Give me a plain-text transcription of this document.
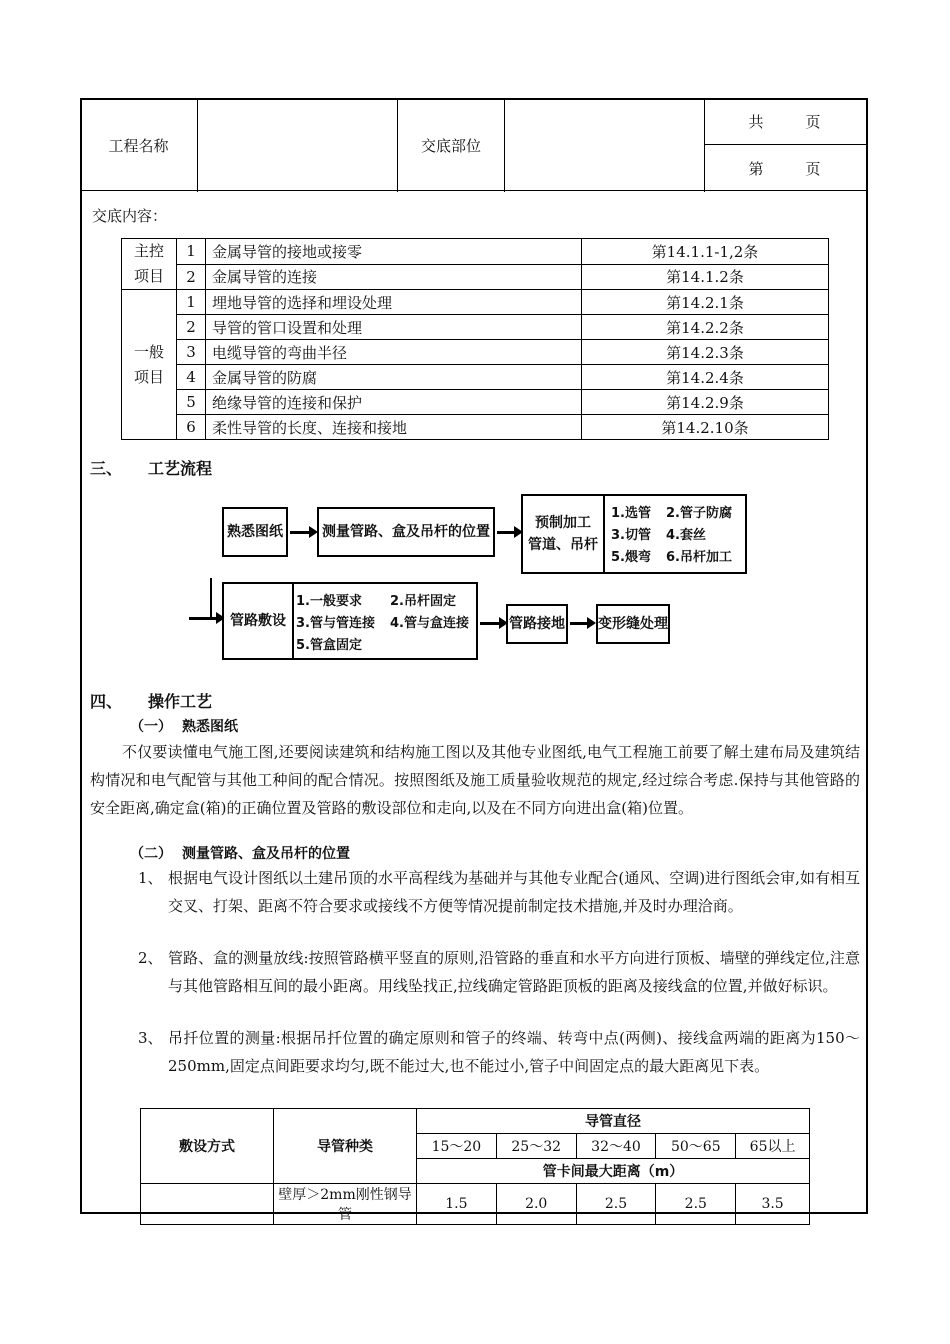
工程名称	交底部位
共	页
第	页
交底内容：
主控
项目	1	金属导管的接地或接零	第14.1.1-1,2条
	2	金属导管的连接	第14.1.2条

一般
项目	1	埋地导管的选择和埋设处理	第14.2.1条
	2	导管的管口设置和处理	第14.2.2条
	3	电缆导管的弯曲半径	第14.2.3条
	4	金属导管的防腐	第14.2.4条
	5	绝缘导管的连接和保护	第14.2.9条
	6	柔性导管的长度、连接和接地	第14.2.10条
三、 工艺流程
熟悉图纸	测量管路、盒及吊杆的位置
预制加工
管道、吊杆
1.选管 2.管子防腐
3.切管 4.套丝
5.煨弯 6.吊杆加工
管路敷设
1.一般要求 2.吊杆固定
3.管与管连接 4.管与盒连接
5.管盒固定
管路接地 变形缝处理
四、 操作工艺
（一） 熟悉图纸
不仅要读懂电气施工图,还要阅读建筑和结构施工图以及其他专业图纸,电气工程施工前要了解土建布局及建筑结构情况和电气配管与其他工种间的配合情况。按照图纸及施工质量验收规范的规定,经过综合考虑.保持与其他管路的安全距离,确定盒(箱)的正确位置及管路的敷设部位和走向,以及在不同方向进出盒(箱)位置。
（二） 测量管路、盒及吊杆的位置
1、 根据电气设计图纸以土建吊顶的水平高程线为基础并与其他专业配合(通风、空调)进行图纸会审,如有相互交叉、打架、距离不符合要求或接线不方便等情况提前制定技术措施,并及时办理洽商。
2、 管路、盒的测量放线:按照管路横平竖直的原则,沿管路的垂直和水平方向进行顶板、墙壁的弹线定位,注意与其他管路相互间的最小距离。用线坠找正,拉线确定管路距顶板的距离及接线盒的位置,并做好标识。
3、 吊扦位置的测量:根据吊扦位置的确定原则和管子的终端、转弯中点(两侧)、接线盒两端的距离为150～250mm,固定点间距要求均匀,既不能过大,也不能过小,管子中间固定点的最大距离见下表。
敷设方式	导管种类	导管直径				
		15～20	25～32	32～40	50～65	65以上
		管卡间最大距离（m）				
	壁厚＞2mm刚性钢导管	1.5	2.0	2.5	2.5	3.5
